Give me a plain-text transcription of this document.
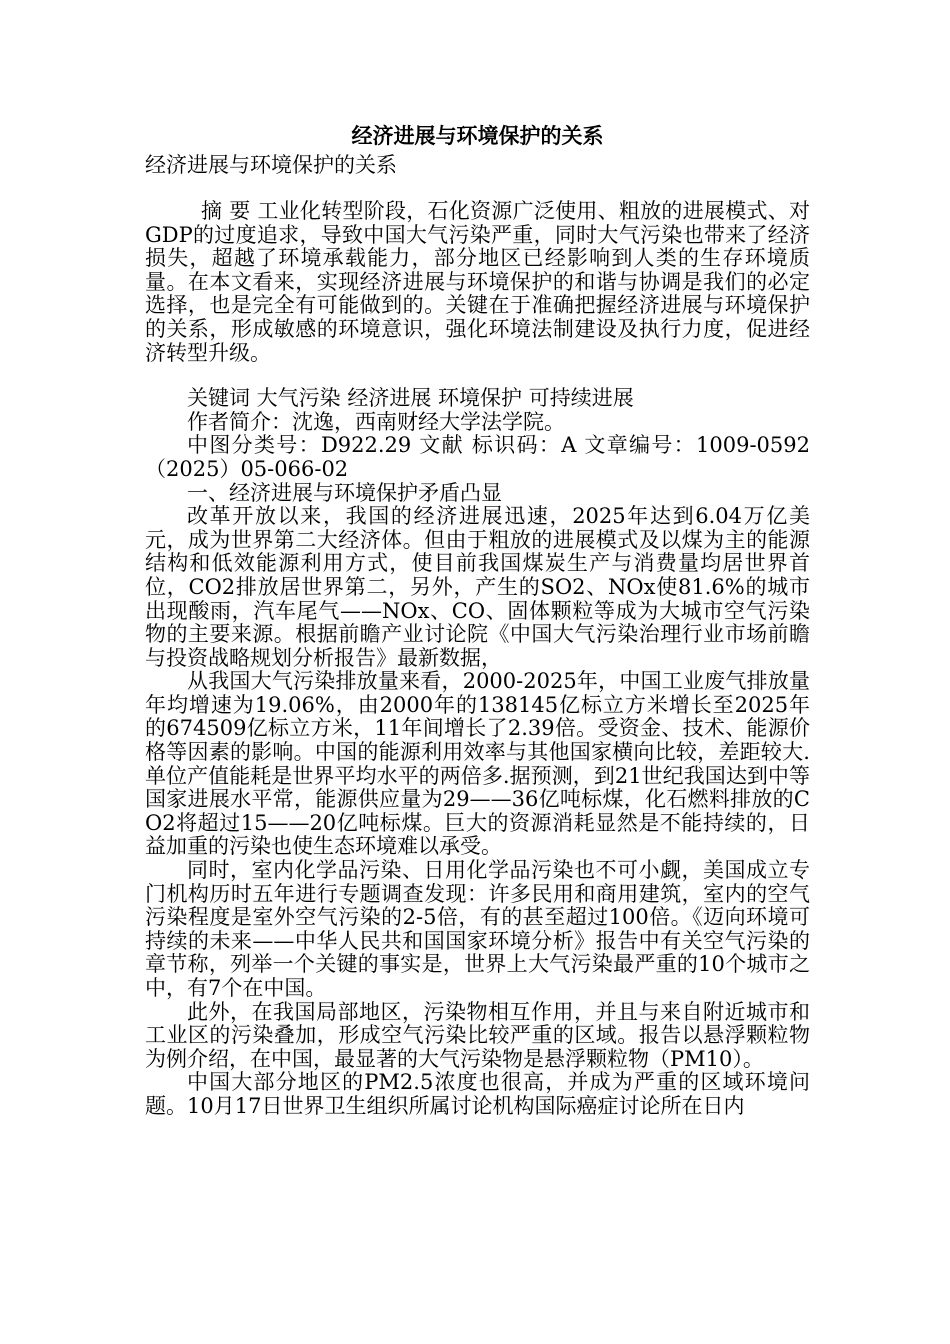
经济进展与环境保护的关系

经济进展与环境保护的关系

摘 要 工业化转型阶段，石化资源广泛使用、粗放的进展模式、对GDP的过度追求，导致中国大气污染严重，同时大气污染也带来了经济损失，超越了环境承载能力，部分地区已经影响到人类的生存环境质量。在本文看来，实现经济进展与环境保护的和谐与协调是我们的必定选择，也是完全有可能做到的。关键在于准确把握经济进展与环境保护的关系，形成敏感的环境意识，强化环境法制建设及执行力度，促进经济转型升级。

关键词 大气污染 经济进展 环境保护 可持续进展

作者简介：沈逸，西南财经大学法学院。

中图分类号：D922.29 文献 标识码：A 文章编号：1009-0592（2025）05-066-02

一、经济进展与环境保护矛盾凸显

改革开放以来，我国的经济进展迅速，2025年达到6.04万亿美元，成为世界第二大经济体。但由于粗放的进展模式及以煤为主的能源结构和低效能源利用方式，使目前我国煤炭生产与消费量均居世界首位，CO2排放居世界第二，另外，产生的SO2、NOx使81.6%的城市出现酸雨，汽车尾气——NOx、CO、固体颗粒等成为大城市空气污染物的主要来源。根据前瞻产业讨论院《中国大气污染治理行业市场前瞻与投资战略规划分析报告》最新数据，

从我国大气污染排放量来看，2000-2025年，中国工业废气排放量年均增速为19.06%，由2000年的138145亿标立方米增长至2025年的674509亿标立方米，11年间增长了2.39倍。受资金、技术、能源价格等因素的影响。中国的能源利用效率与其他国家横向比较，差距较大.单位产值能耗是世界平均水平的两倍多.据预测，到21世纪我国达到中等国家进展水平常，能源供应量为29——36亿吨标煤，化石燃料排放的CO2将超过15——20亿吨标煤。巨大的资源消耗显然是不能持续的，日益加重的污染也使生态环境难以承受。

同时，室内化学品污染、日用化学品污染也不可小觑，美国成立专门机构历时五年进行专题调查发现：许多民用和商用建筑，室内的空气污染程度是室外空气污染的2-5倍，有的甚至超过100倍。《迈向环境可持续的未来——中华人民共和国国家环境分析》报告中有关空气污染的章节称，列举一个关键的事实是，世界上大气污染最严重的10个城市之中，有7个在中国。

此外，在我国局部地区，污染物相互作用，并且与来自附近城市和工业区的污染叠加，形成空气污染比较严重的区域。报告以悬浮颗粒物为例介绍，在中国，最显著的大气污染物是悬浮颗粒物（PM10）。

中国大部分地区的PM2.5浓度也很高，并成为严重的区域环境问题。10月17日世界卫生组织所属讨论机构国际癌症讨论所在日内
